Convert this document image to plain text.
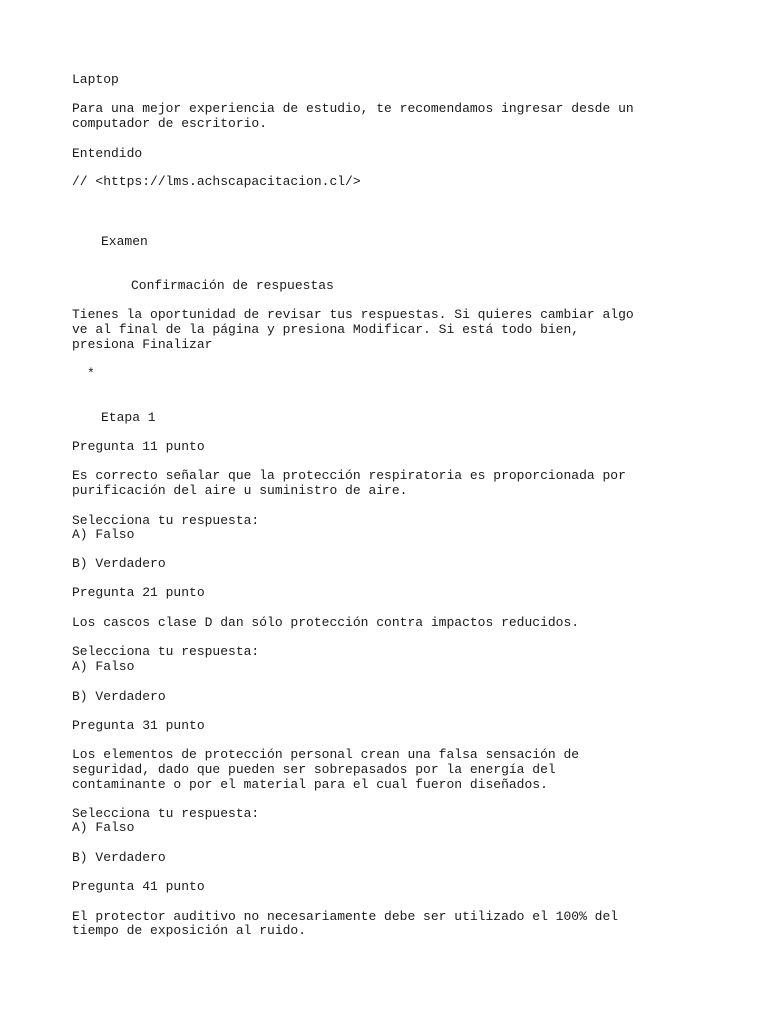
Laptop
Para una mejor experiencia de estudio, te recomendamos ingresar desde un
computador de escritorio.
Entendido
// <https://lms.achscapacitacion.cl/>
Examen
Confirmación de respuestas
Tienes la oportunidad de revisar tus respuestas. Si quieres cambiar algo
ve al final de la página y presiona Modificar. Si está todo bien,
presiona Finalizar
*
Etapa 1
Pregunta 11 punto
Es correcto señalar que la protección respiratoria es proporcionada por
purificación del aire u suministro de aire.
Selecciona tu respuesta:
A) Falso
B) Verdadero
Pregunta 21 punto
Los cascos clase D dan sólo protección contra impactos reducidos.
Selecciona tu respuesta:
A) Falso
B) Verdadero
Pregunta 31 punto
Los elementos de protección personal crean una falsa sensación de
seguridad, dado que pueden ser sobrepasados por la energía del
contaminante o por el material para el cual fueron diseñados.
Selecciona tu respuesta:
A) Falso
B) Verdadero
Pregunta 41 punto
El protector auditivo no necesariamente debe ser utilizado el 100% del
tiempo de exposición al ruido.
